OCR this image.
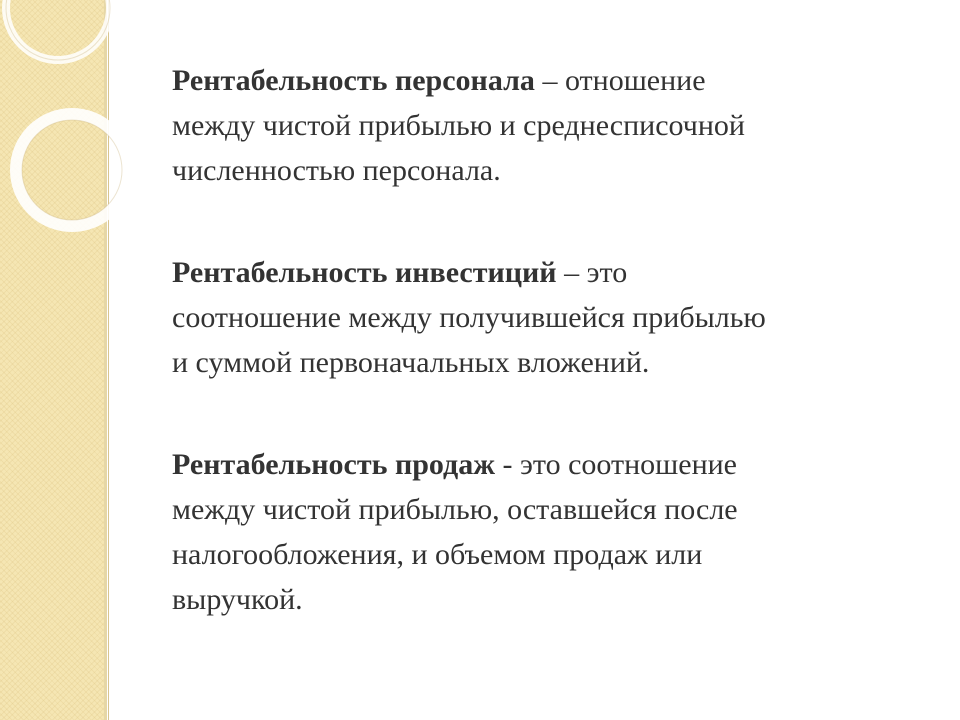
Рентабельность персонала – отношение
между чистой прибылью и среднесписочной
численностью персонала.

Рентабельность инвестиций – это
соотношение между получившейся прибылью
и суммой первоначальных вложений.

Рентабельность продаж - это соотношение
между чистой прибылью, оставшейся после
налогообложения, и объемом продаж или
выручкой.
